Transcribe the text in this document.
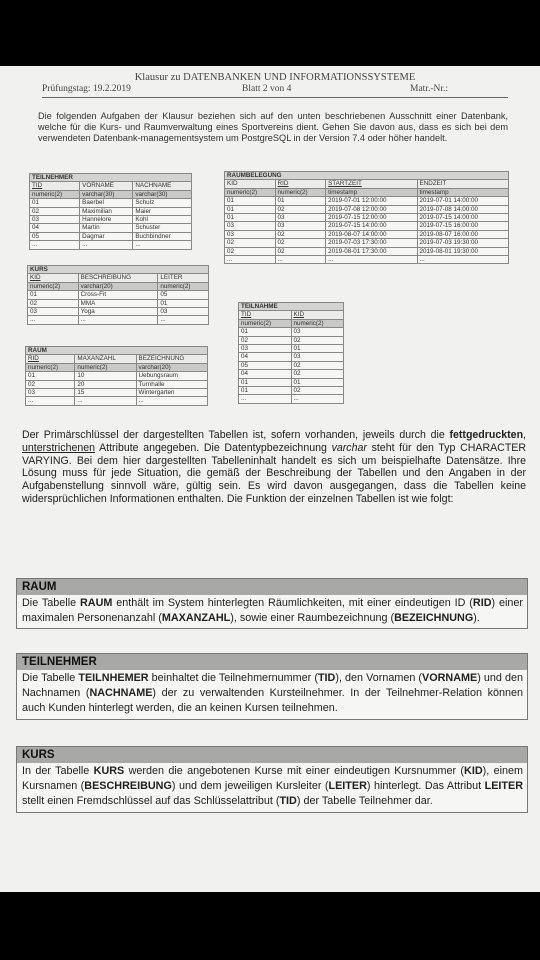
Klausur zu DATENBANKEN UND INFORMATIONSSYSTEME
Prüfungstag: 19.2.2019	Blatt 2 von 4	Matr.-Nr.:
Die folgenden Aufgaben der Klausur beziehen sich auf den unten beschriebenen Ausschnitt einer Datenbank, welche für die Kurs- und Raumverwaltung eines Sportvereins dient. Gehen Sie davon aus, dass es sich bei dem verwendeten Datenbank-managementsystem um PostgreSQL in der Version 7.4 oder höher handelt.
TEILNEHMER		
TID	VORNAME	NACHNAME
numeric(2)	varchar(30)	varchar(30)
01	Baerbel	Schulz
02	Maximilian	Maier
03	Hannelore	Kohl
04	Martin	Schuster
05	Dagmar	Buchbindner
...	...	...
RAUMBELEGUNG			
KID	RID	STARTZEIT	ENDZEIT
numeric(2)	numeric(2)	timestamp	timestamp
01	01	2019-07-01 12:00:00	2019-07-01 14:00:00
01	02	2019-07-08 12:00:00	2019-07-08 14:00:00
01	03	2019-07-15 12:00:00	2019-07-15 14:00:00
03	03	2019-07-15 14:00:00	2019-07-15 16:00:00
03	02	2019-08-07 14:00:00	2019-08-07 16:00:00
02	02	2019-07-03 17:30:00	2019-07-03 19:30:00
02	02	2019-08-01 17:30:00	2019-08-01 19:30:00
...	...	...	...
KURS		
KID	BESCHREIBUNG	LEITER
numeric(2)	varchar(20)	numeric(2)
01	Cross-Fit	05
02	MMA	01
03	Yoga	03
...	...	...
TEILNAHME	
TID	KID
numeric(2)	numeric(2)
01	03
02	02
03	01
04	03
05	02
04	02
01	01
01	02
...	...
RAUM		
RID	MAXANZAHL	BEZEICHNUNG
numeric(2)	numeric(2)	varchar(20)
01	10	Uebungsraum
02	20	Turnhalle
03	15	Wintergarten
...	...	...
Der Primärschlüssel der dargestellten Tabellen ist, sofern vorhanden, jeweils durch die fettgedruckten, unterstrichenen Attribute angegeben. Die Datentypbezeichnung varchar steht für den Typ CHARACTER VARYING. Bei dem hier dargestellten Tabelleninhalt handelt es sich um beispielhafte Datensätze. Ihre Lösung muss für jede Situation, die gemäß der Beschreibung der Tabellen und den Angaben in der Aufgabenstellung sinnvoll wäre, gültig sein. Es wird davon ausgegangen, dass die Tabellen keine widersprüchlichen Informationen enthalten. Die Funktion der einzelnen Tabellen ist wie folgt:
RAUM
Die Tabelle RAUM enthält im System hinterlegten Räumlichkeiten, mit einer eindeutigen ID (RID) einer maximalen Personenanzahl (MAXANZAHL), sowie einer Raumbezeichnung (BEZEICHNUNG).
TEILNEHMER
Die Tabelle TEILNHEMER beinhaltet die Teilnehmernummer (TID), den Vornamen (VORNAME) und den Nachnamen (NACHNAME) der zu verwaltenden Kursteilnehmer. In der Teilnehmer-Relation können auch Kunden hinterlegt werden, die an keinen Kursen teilnehmen.
KURS
In der Tabelle KURS werden die angebotenen Kurse mit einer eindeutigen Kursnummer (KID), einem Kursnamen (BESCHREIBUNG) und dem jeweiligen Kursleiter (LEITER) hinterlegt. Das Attribut LEITER stellt einen Fremdschlüssel auf das Schlüsselattribut (TID) der Tabelle Teilnehmer dar.
